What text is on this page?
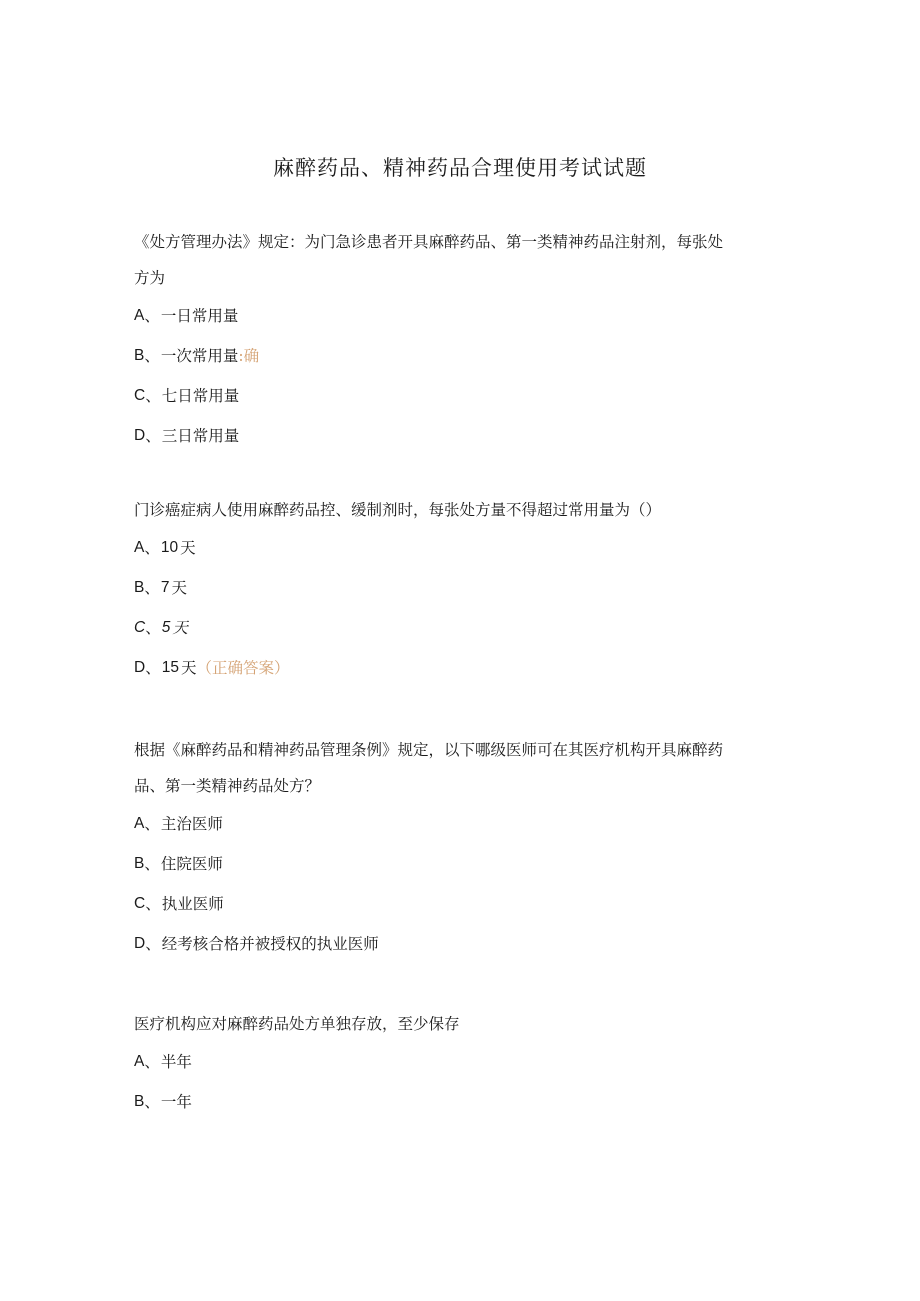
麻醉药品、精神药品合理使用考试试题

《处方管理办法》规定：为门急诊患者开具麻醉药品、第一类精神药品注射剂，每张处

方为

A 、 一日常用量
B 、 一次常用量 :确
C 、 七日常用量
D 、 三日常用量

门诊癌症病人使用麻醉药品控、缓制剂时，每张处方量不得超过常用量为（）

A 、 10 天
B 、 7 天
C 、 5 天
D 、 15 天 （正确答案）

根据《麻醉药品和精神药品管理条例》规定，以下哪级医师可在其医疗机构开具麻醉药

品、第一类精神药品处方？

A 、 主治医师
B 、 住院医师
C 、 执业医师
D 、 经考核合格并被授权的执业医师

医疗机构应对麻醉药品处方单独存放，至少保存

A 、 半年
B 、 一年
